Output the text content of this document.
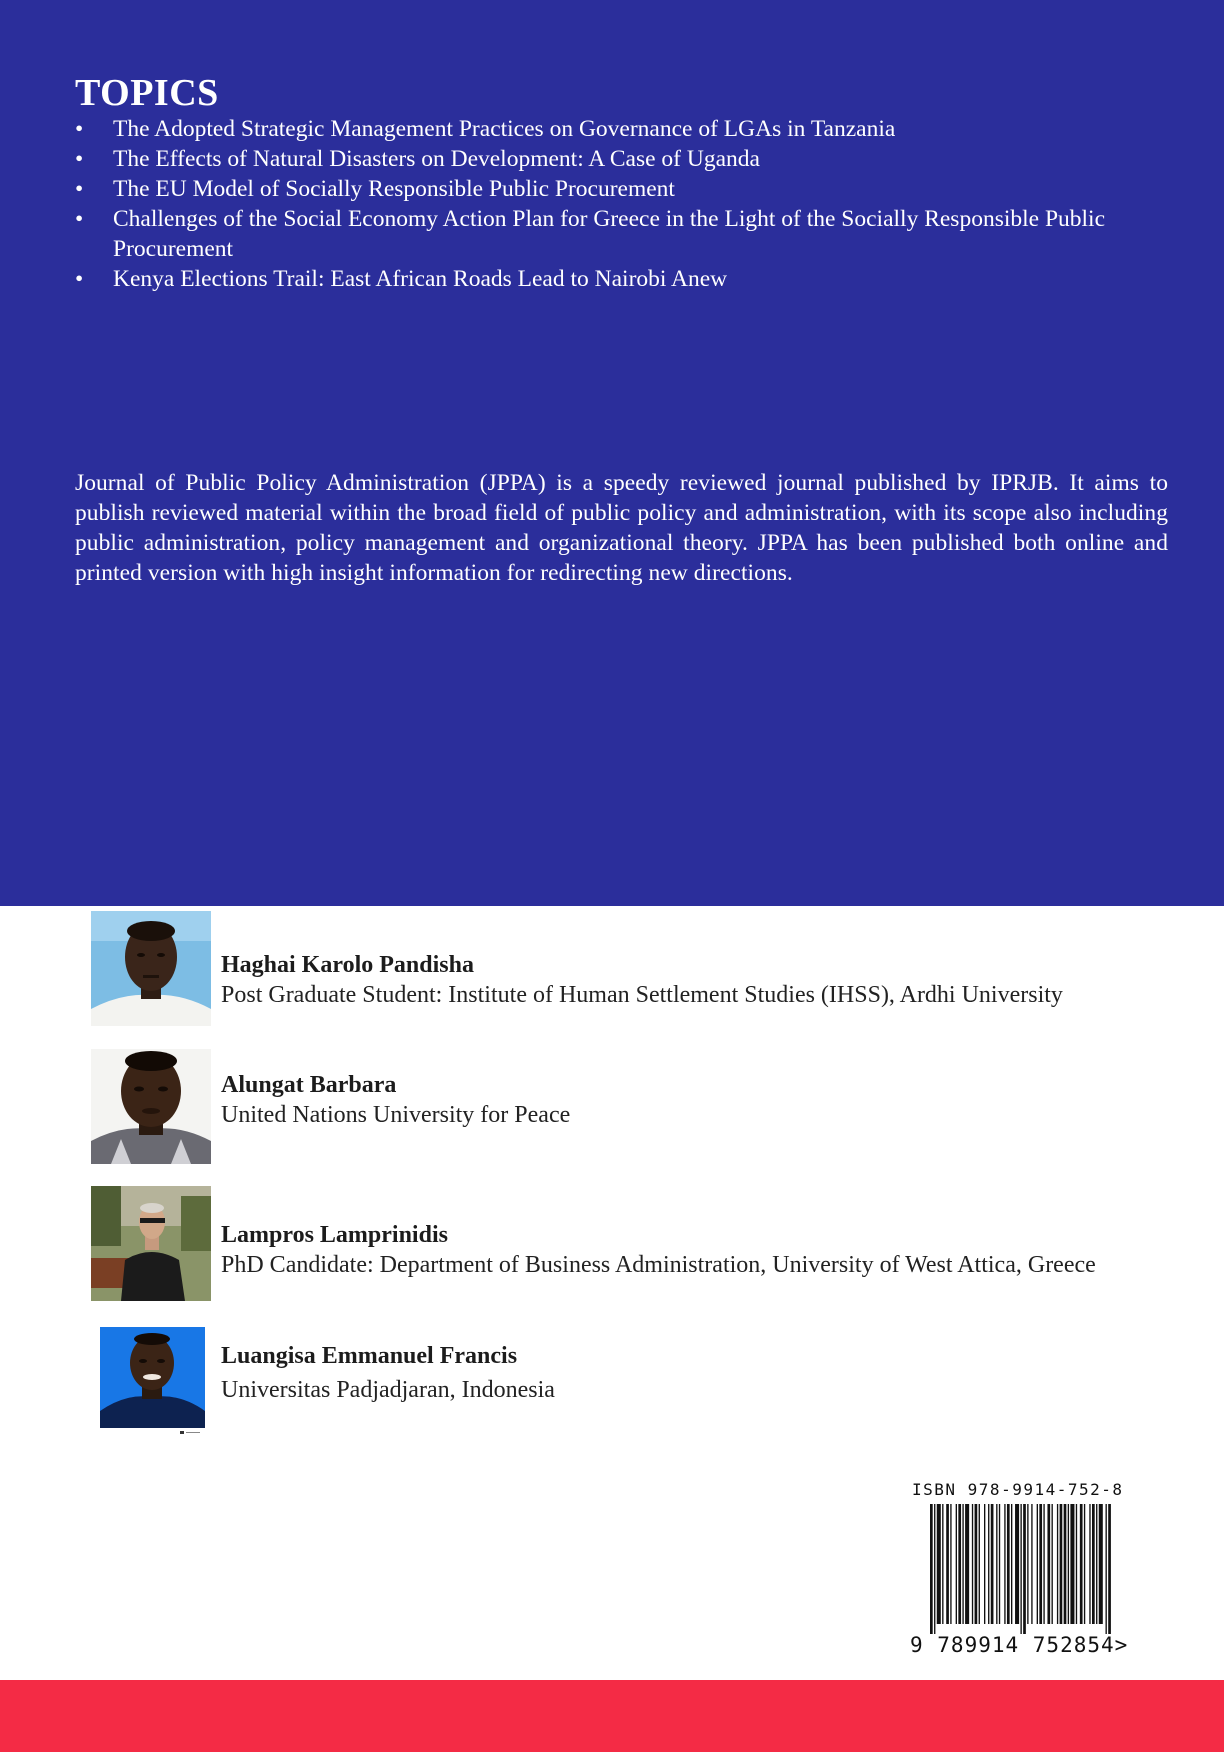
TOPICS
•	The Adopted Strategic Management Practices on Governance of LGAs in Tanzania
•	The Effects of Natural Disasters on Development: A Case of Uganda
•	The EU Model of Socially Responsible Public Procurement
•	Challenges of the Social Economy Action Plan for Greece in the Light of the Socially Responsible Public Procurement
•	Kenya Elections Trail: East African Roads Lead to Nairobi Anew

Journal of Public Policy Administration (JPPA) is a speedy reviewed journal published by IPRJB. It aims to publish reviewed material within the broad field of public policy and administration, with its scope also including public administration, policy management and organizational theory. JPPA has been published both online and printed version with high insight information for redirecting new directions.

Haghai Karolo Pandisha
Post Graduate Student: Institute of Human Settlement Studies (IHSS), Ardhi University
Alungat Barbara
United Nations University for Peace
Lampros Lamprinidis
PhD Candidate: Department of Business Administration, University of West Attica, Greece
Luangisa Emmanuel Francis
Universitas Padjadjaran, Indonesia
ISBN 978-9914-752-8
9 789914 752854>
